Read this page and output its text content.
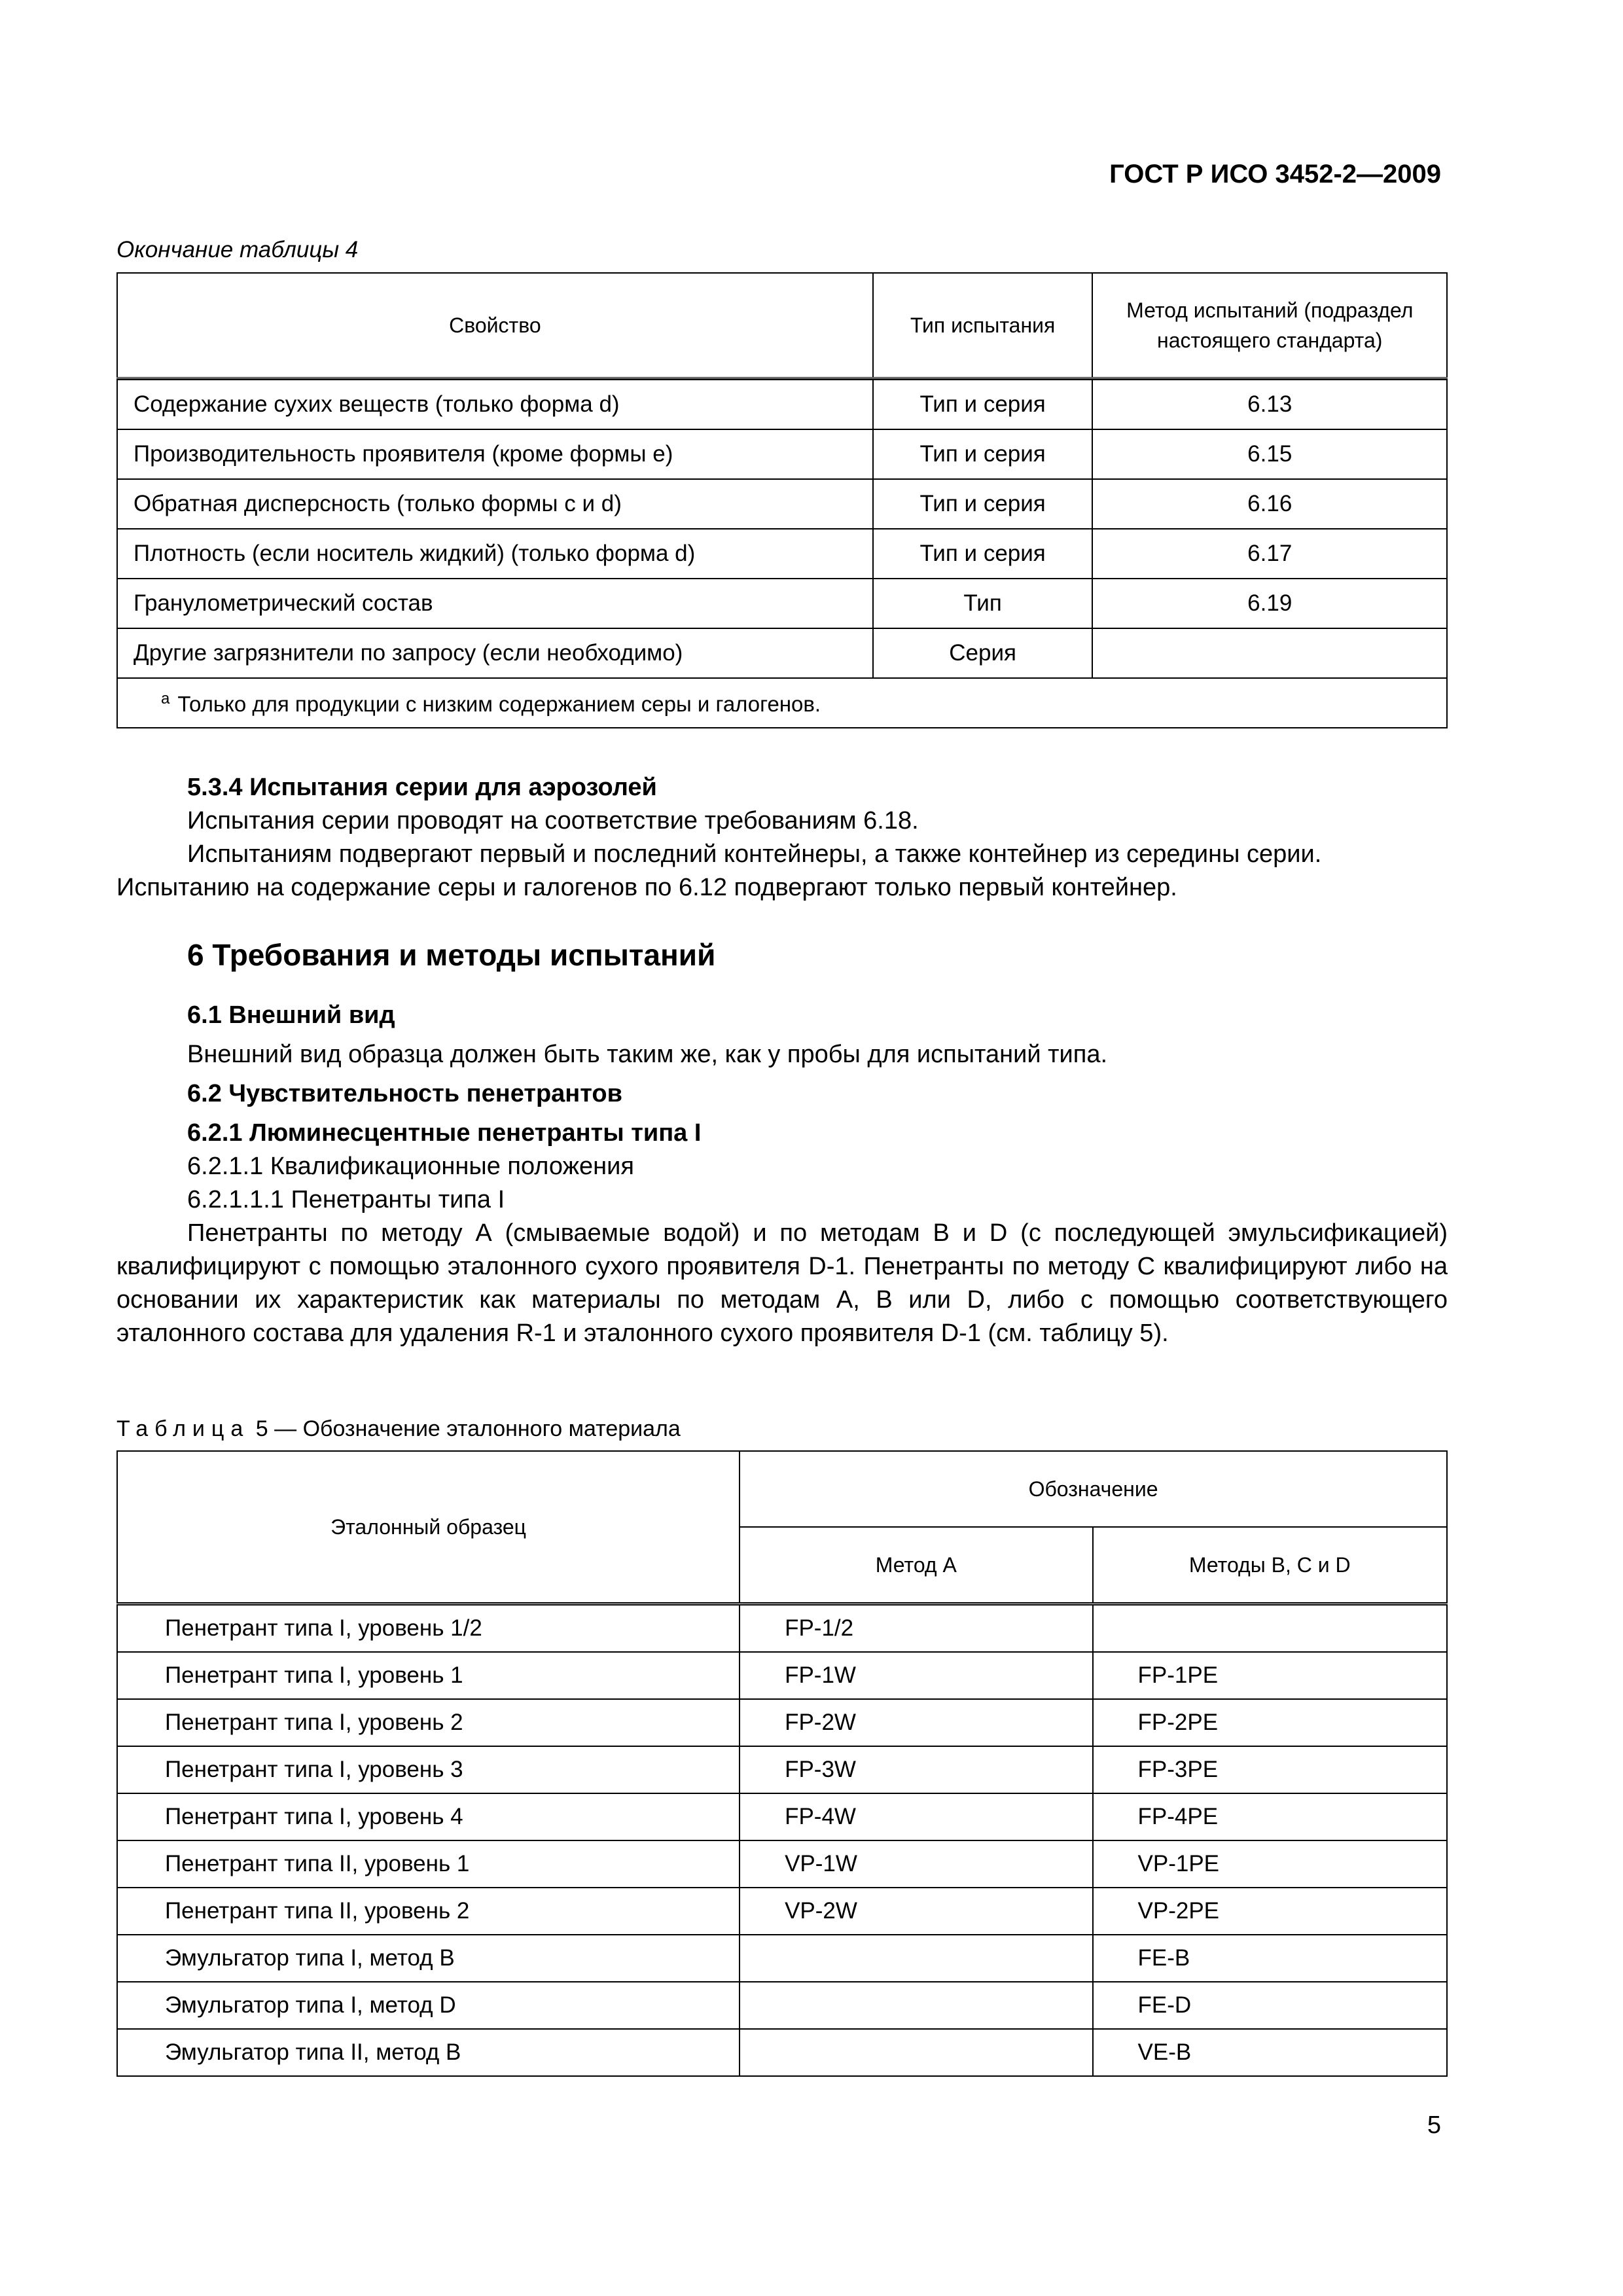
ГОСТ Р ИСО 3452-2—2009
Окончание таблицы 4
Свойство	Тип испытания	Метод испытаний (подраздел настоящего стандарта)

Содержание сухих веществ (только форма d)	Тип и серия	6.13
Производительность проявителя (кроме формы е)	Тип и серия	6.15
Обратная дисперсность (только формы с и d)	Тип и серия	6.16
Плотность (если носитель жидкий) (только форма d)	Тип и серия	6.17
Гранулометрический состав	Тип	6.19
Другие загрязнители по запросу (если необходимо)	Серия	
$^а$ Только для продукции с низким содержанием серы и галогенов.		
5.3.4 Испытания серии для аэрозолей
Испытания серии проводят на соответствие требованиям 6.18.
Испытаниям подвергают первый и последний контейнеры, а также контейнер из середины серии.
Испытанию на содержание серы и галогенов по 6.12 подвергают только первый контейнер.
6 Требования и методы испытаний
6.1 Внешний вид
Внешний вид образца должен быть таким же, как у пробы для испытаний типа.
6.2 Чувствительность пенетрантов
6.2.1 Люминесцентные пенетранты типа I
6.2.1.1 Квалификационные положения
6.2.1.1.1 Пенетранты типа I
Пенетранты по методу А (смываемые водой) и по методам В и D (с последующей эмульсификацией) квалифицируют с помощью эталонного сухого проявителя D-1. Пенетранты по методу С квалифицируют либо на основании их характеристик как материалы по методам А, В или D, либо с помощью соответствующего эталонного состава для удаления R-1 и эталонного сухого проявителя D-1 (см. таблицу 5).
Таблица 5 — Обозначение эталонного материала
Эталонный образец	Обозначение	
	Метод А	Методы В, С и D
Пенетрант типа I, уровень 1/2	FP-1/2	
Пенетрант типа I, уровень 1	FP-1W	FP-1PE
Пенетрант типа I, уровень 2	FP-2W	FP-2PE
Пенетрант типа I, уровень 3	FP-3W	FP-3PE
Пенетрант типа I, уровень 4	FP-4W	FP-4PE
Пенетрант типа II, уровень 1	VP-1W	VP-1PE
Пенетрант типа II, уровень 2	VP-2W	VP-2PE
Эмульгатор типа I, метод В		FE-B
Эмульгатор типа I, метод D		FE-D
Эмульгатор типа II, метод В		VE-B
5
